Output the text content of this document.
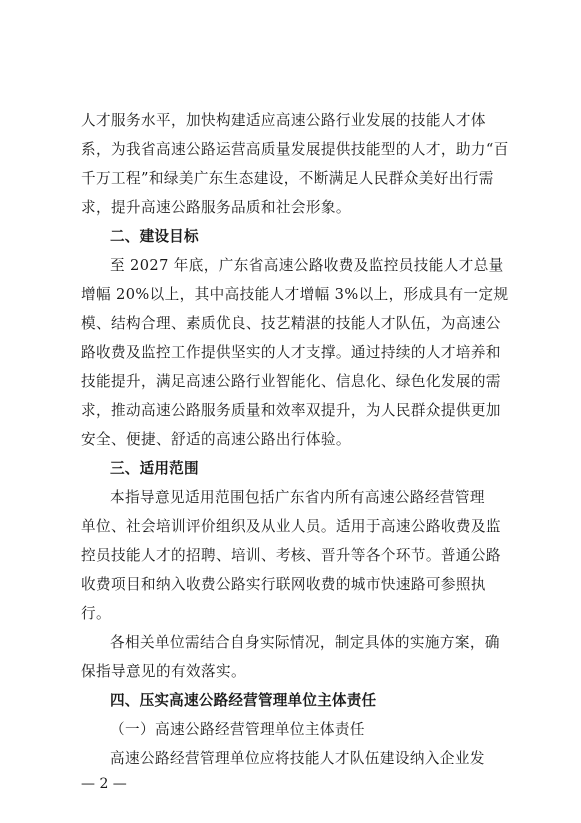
人才服务水平，加快构建适应高速公路行业发展的技能人才体
系，为我省高速公路运营高质量发展提供技能型的人才，助力“百
千万工程”和绿美广东生态建设，不断满足人民群众美好出行需
求，提升高速公路服务品质和社会形象。
二、建设目标
至 2027 年底，广东省高速公路收费及监控员技能人才总量
增幅 20%以上，其中高技能人才增幅 3%以上，形成具有一定规
模、结构合理、素质优良、技艺精湛的技能人才队伍，为高速公
路收费及监控工作提供坚实的人才支撑。通过持续的人才培养和
技能提升，满足高速公路行业智能化、信息化、绿色化发展的需
求，推动高速公路服务质量和效率双提升，为人民群众提供更加
安全、便捷、舒适的高速公路出行体验。
三、适用范围
本指导意见适用范围包括广东省内所有高速公路经营管理
单位、社会培训评价组织及从业人员。适用于高速公路收费及监
控员技能人才的招聘、培训、考核、晋升等各个环节。普通公路
收费项目和纳入收费公路实行联网收费的城市快速路可参照执
行。
各相关单位需结合自身实际情况，制定具体的实施方案，确
保指导意见的有效落实。
四、压实高速公路经营管理单位主体责任
（一）高速公路经营管理单位主体责任
高速公路经营管理单位应将技能人才队伍建设纳入企业发
— 2 —
